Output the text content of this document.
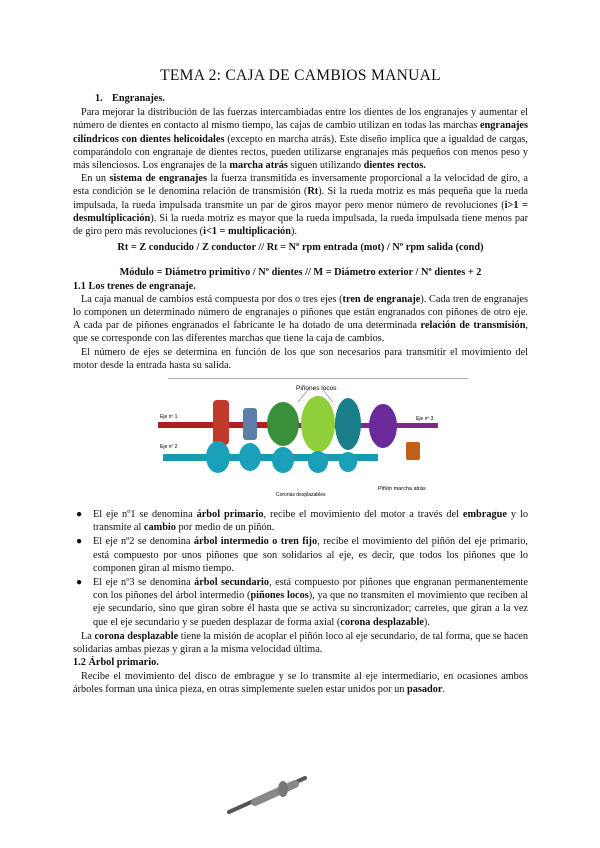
TEMA 2: CAJA DE CAMBIOS MANUAL
1. Engranajes.

Para mejorar la distribución de las fuerzas intercambiadas entre los dientes de los engranajes y aumentar el número de dientes en contacto al mismo tiempo, las cajas de cambio utilizan en todas las marchas engranajes cilíndricos con dientes helicoidales (excepto en marcha atrás). Este diseño implica que a igualdad de cargas, comparándolo con engranaje de dientes rectos, pueden utilizarse engranajes más pequeños con menos peso y más silenciosos. Los engranajes de la marcha atrás siguen utilizando dientes rectos.

En un sistema de engranajes la fuerza transmitida es inversamente proporcional a la velocidad de giro, a esta condición se le denomina relación de transmisión (Rt). Si la rueda motriz es más pequeña que la rueda impulsada, la rueda impulsada transmite un par de giros mayor pero menor número de revoluciones (i>1 = desmultiplicación). Si la rueda motriz es mayor que la rueda impulsada, la rueda impulsada tiene menos par de giro pero más revoluciones (i<1 = multiplicación).

Rt = Z conducido / Z conductor // Rt = Nº rpm entrada (mot) / Nº rpm salida (cond)

Módulo = Diámetro primitivo / Nº dientes // M = Diámetro exterior / Nº dientes + 2

1.1 Los trenes de engranaje.

La caja manual de cambios está compuesta por dos o tres ejes (tren de engranaje). Cada tren de engranajes lo componen un determinado número de engranajes o piñones que están engranados con piñones de otro eje. A cada par de piñones engranados el fabricante le ha dotado de una determinada relación de transmisión, que se corresponde con las diferentes marchas que tiene la caja de cambios.

El número de ejes se determina en función de los que son necesarios para transmitir el movimiento del motor desde la entrada hasta su salida.

Piñones locos
Eje nº 1
Eje nº 2
Eje nº 3
Coronas desplazables
Piñón marcha atrás
● El eje nº1 se denomina árbol primario, recibe el movimiento del motor a través del embrague y lo transmite al cambio por medio de un piñón.
● El eje nº2 se denomina árbol intermedio o tren fijo, recibe el movimiento del piñón del eje primario, está compuesto por unos piñones que son solidarios al eje, es decir, que todos los piñones que lo componen giran al mismo tiempo.
● El eje nº3 se denomina árbol secundario, está compuesto por piñones que engranan permanentemente con los piñones del árbol intermedio (piñones locos), ya que no transmiten el movimiento que reciben al eje secundario, sino que giran sobre él hasta que se activa su sincronizador; carretes, que giran a la vez que el eje secundario y se pueden desplazar de forma axial (corona desplazable).

La corona desplazable tiene la misión de acoplar el piñón loco al eje secundario, de tal forma, que se hacen solidarias ambas piezas y giran a la misma velocidad última.

1.2 Árbol primario.

Recibe el movimiento del disco de embrague y se lo transmite al eje intermediario, en ocasiones ambos árboles forman una única pieza, en otras simplemente suelen estar unidos por un pasador.
